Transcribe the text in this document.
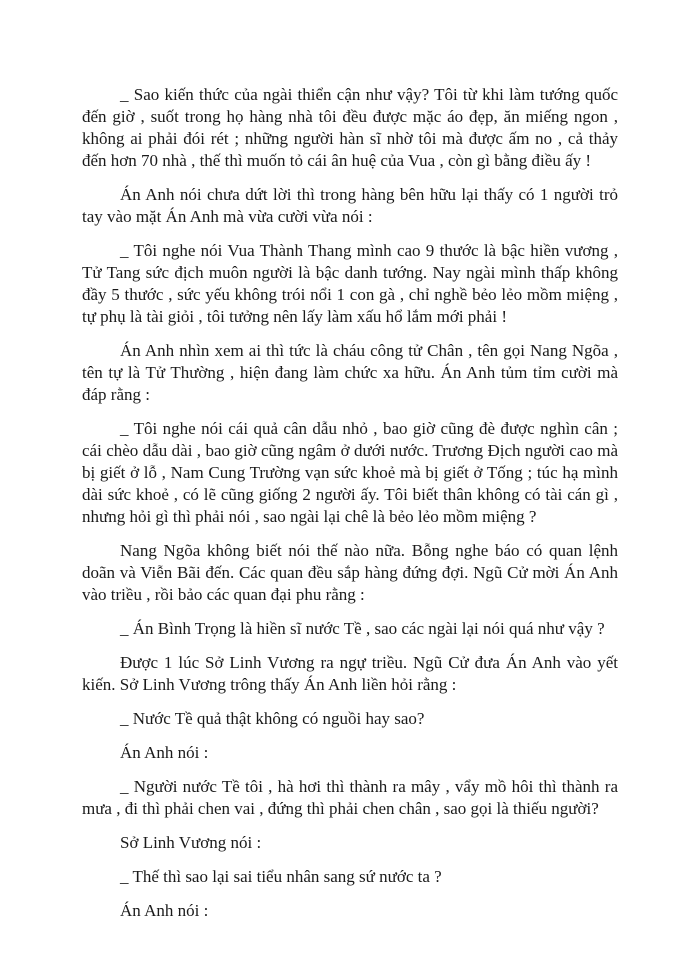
_ Sao kiến thức của ngài thiển cận như vậy? Tôi từ khi làm tướng quốc đến giờ , suốt trong họ hàng nhà tôi đều được mặc áo đẹp, ăn miếng ngon , không ai phải đói rét ; những người hàn sĩ nhờ tôi mà được ấm no , cả thảy đến hơn 70 nhà , thế thì muốn tỏ cái ân huệ của Vua , còn gì bằng điều ấy !

Án Anh nói chưa dứt lời thì trong hàng bên hữu lại thấy có 1 người trỏ tay vào mặt Án Anh mà vừa cười vừa nói :

_ Tôi nghe nói Vua Thành Thang mình cao 9 thước là bậc hiền vương , Tử Tang sức địch muôn người là bậc danh tướng. Nay ngài mình thấp không đầy 5 thước , sức yếu không trói nổi 1 con gà , chỉ nghề bẻo lẻo mồm miệng , tự phụ là tài giỏi , tôi tưởng nên lấy làm xấu hổ lắm mới phải !

Án Anh nhìn xem ai thì tức là cháu công tử Chân , tên gọi Nang Ngõa , tên tự là Tử Thường , hiện đang làm chức xa hữu. Án Anh tủm tỉm cười mà đáp rằng :

_ Tôi nghe nói cái quả cân dẫu nhỏ , bao giờ cũng đè được nghìn cân ; cái chèo dẫu dài , bao giờ cũng ngâm ở dưới nước. Trương Địch người cao mà bị giết ở lỗ , Nam Cung Trường vạn sức khoẻ mà bị giết ở Tống ; túc hạ mình dài sức khoẻ , có lẽ cũng giống 2 người ấy. Tôi biết thân không có tài cán gì , nhưng hỏi gì thì phải nói , sao ngài lại chê là bẻo lẻo mồm miệng ?

Nang Ngõa không biết nói thế nào nữa. Bỗng nghe báo có quan lệnh doãn và Viễn Bãi đến. Các quan đều sắp hàng đứng đợi. Ngũ Cử mời Án Anh vào triều , rồi bảo các quan đại phu rằng :

_ Án Bình Trọng là hiền sĩ nước Tề , sao các ngài lại nói quá như vậy ?

Được 1 lúc Sở Linh Vương ra ngự triều. Ngũ Cử đưa Án Anh vào yết kiến. Sở Linh Vương trông thấy Án Anh liền hỏi rằng :

_ Nước Tề quả thật không có nguồi hay sao?

Án Anh nói :

_ Người nước Tề tôi , hà hơi thì thành ra mây , vẩy mồ hôi thì thành ra mưa , đi thì phải chen vai , đứng thì phải chen chân , sao gọi là thiếu người?

Sở Linh Vương nói :

_ Thế thì sao lại sai tiểu nhân sang sứ nước ta ?

Án Anh nói :
